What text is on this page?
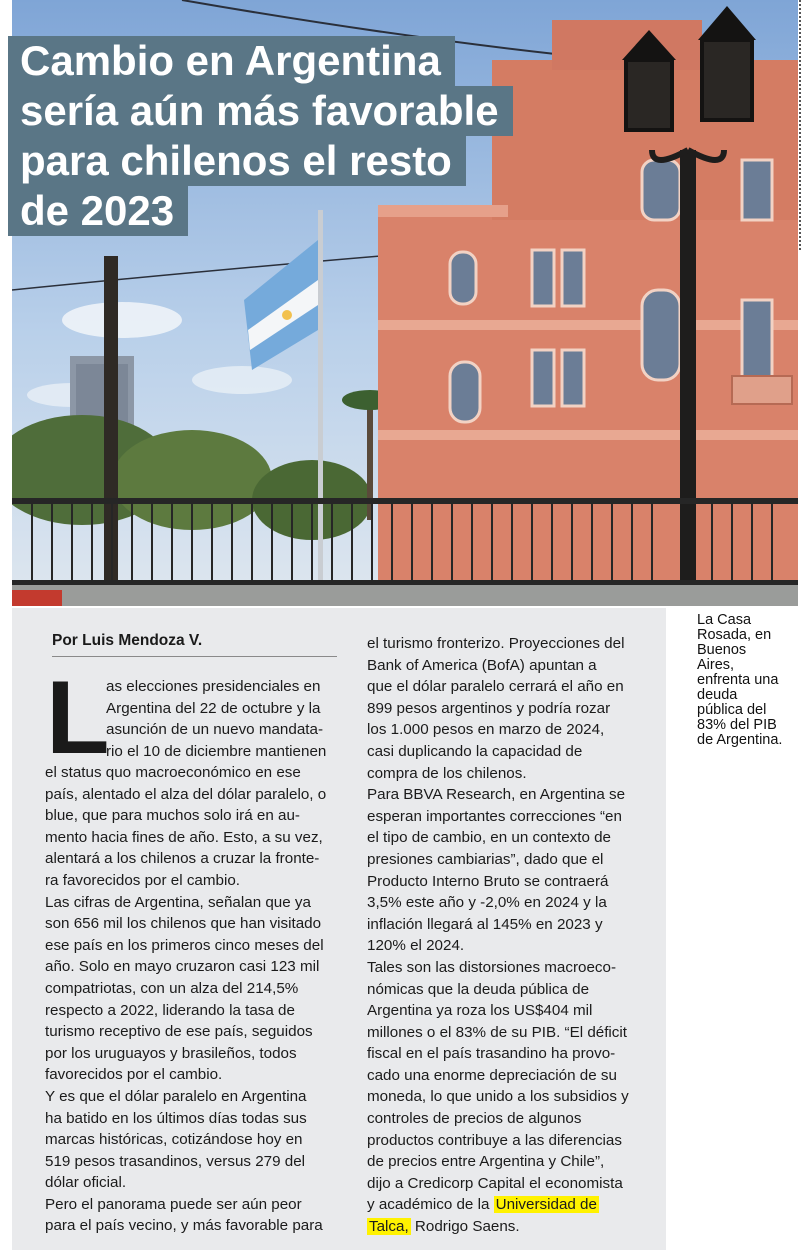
Cambio en Argentina
sería aún más favorable
para chilenos el resto
de 2023
La Casa
Rosada, en
Buenos
Aires,
enfrenta una
deuda
pública del
83% del PIB
de Argentina.
Por Luis Mendoza V.
L
as elecciones presidenciales en
Argentina del 22 de octubre y la
asunción de un nuevo mandata-
rio el 10 de diciembre mantienen
el status quo macroeconómico en ese
país, alentado el alza del dólar paralelo, o
blue, que para muchos solo irá en au-
mento hacia fines de año. Esto, a su vez,
alentará a los chilenos a cruzar la fronte-
ra favorecidos por el cambio.
Las cifras de Argentina, señalan que ya
son 656 mil los chilenos que han visitado
ese país en los primeros cinco meses del
año. Solo en mayo cruzaron casi 123 mil
compatriotas, con un alza del 214,5%
respecto a 2022, liderando la tasa de
turismo receptivo de ese país, seguidos
por los uruguayos y brasileños, todos
favorecidos por el cambio.
Y es que el dólar paralelo en Argentina
ha batido en los últimos días todas sus
marcas históricas, cotizándose hoy en
519 pesos trasandinos, versus 279 del
dólar oficial.
Pero el panorama puede ser aún peor
para el país vecino, y más favorable para
el turismo fronterizo. Proyecciones del
Bank of America (BofA) apuntan a
que el dólar paralelo cerrará el año en
899 pesos argentinos y podría rozar
los 1.000 pesos en marzo de 2024,
casi duplicando la capacidad de
compra de los chilenos.
Para BBVA Research, en Argentina se
esperan importantes correcciones “en
el tipo de cambio, en un contexto de
presiones cambiarias”, dado que el
Producto Interno Bruto se contraerá
3,5% este año y -2,0% en 2024 y la
inflación llegará al 145% en 2023 y
120% el 2024.
Tales son las distorsiones macroeco-
nómicas que la deuda pública de
Argentina ya roza los US$404 mil
millones o el 83% de su PIB. “El déficit
fiscal en el país trasandino ha provo-
cado una enorme depreciación de su
moneda, lo que unido a los subsidios y
controles de precios de algunos
productos contribuye a las diferencias
de precios entre Argentina y Chile”,
dijo a Credicorp Capital el economista
y académico de la Universidad de
Talca, Rodrigo Saens.
